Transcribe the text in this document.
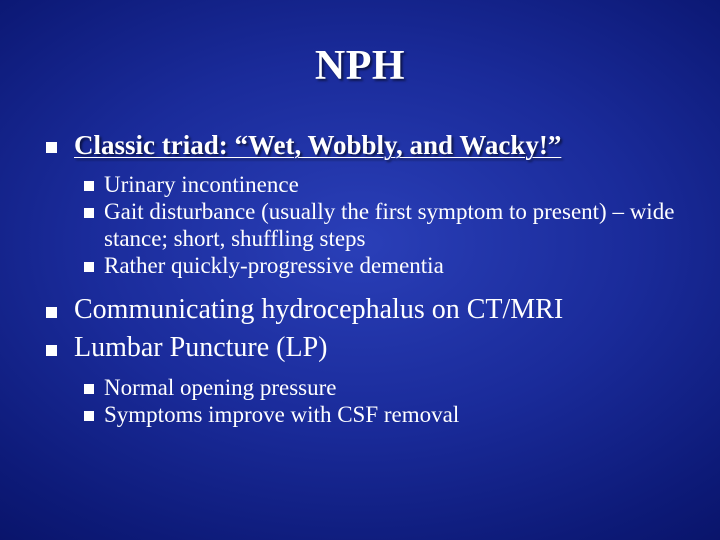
NPH
Classic triad: “Wet, Wobbly, and Wacky!”
Urinary incontinence
Gait disturbance (usually the first symptom to present) – wide stance; short, shuffling steps
Rather quickly-progressive dementia
Communicating hydrocephalus on CT/MRI
Lumbar Puncture (LP)
Normal opening pressure
Symptoms improve with CSF removal
